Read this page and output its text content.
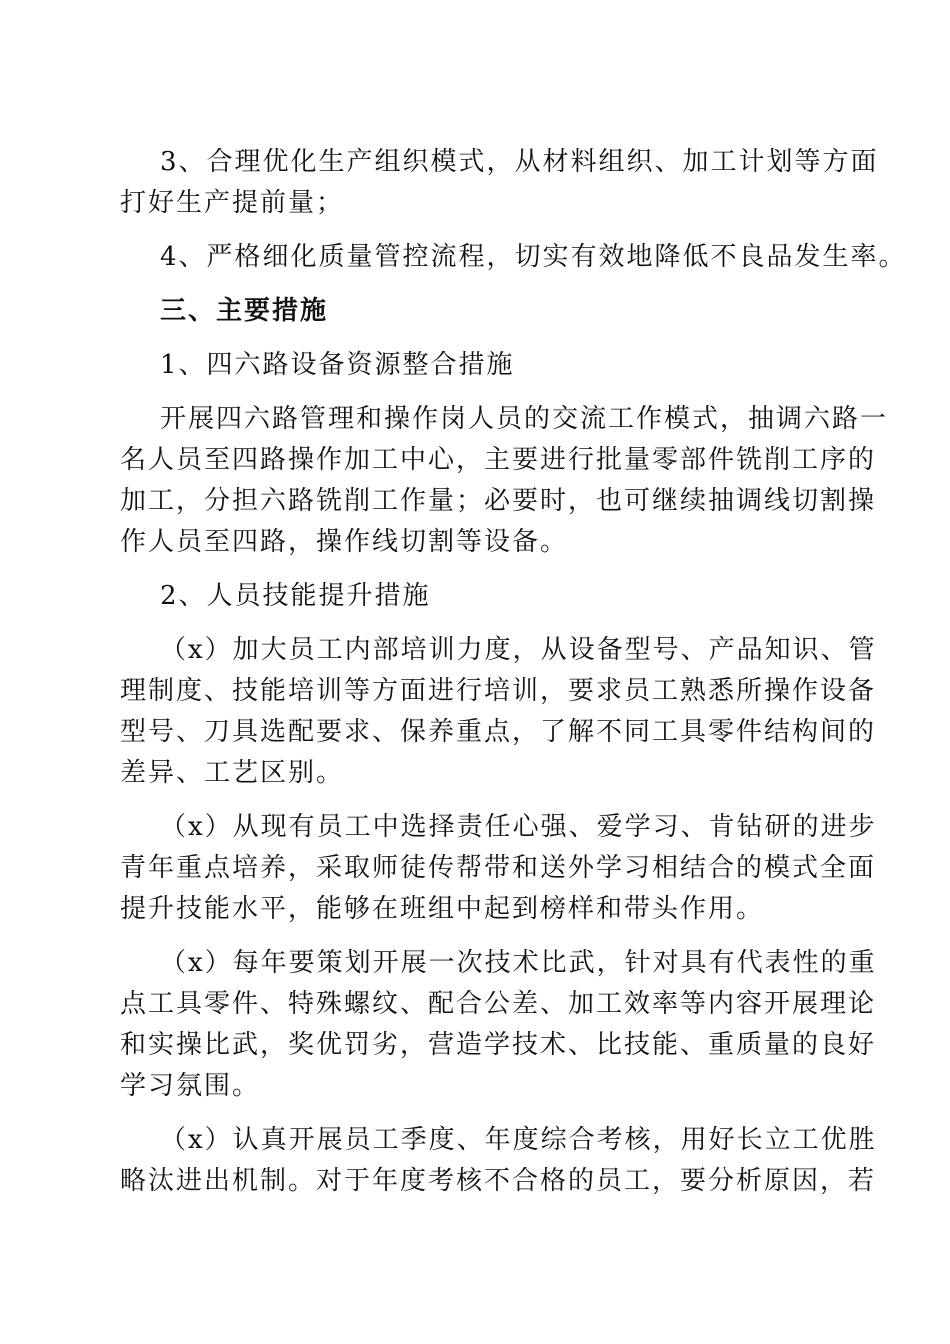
3、合理优化生产组织模式，从材料组织、加工计划等方面
打好生产提前量；
4、严格细化质量管控流程，切实有效地降低不良品发生率。
三、主要措施
1、四六路设备资源整合措施
开展四六路管理和操作岗人员的交流工作模式，抽调六路一
名人员至四路操作加工中心，主要进行批量零部件铣削工序的
加工，分担六路铣削工作量；必要时，也可继续抽调线切割操
作人员至四路，操作线切割等设备。
2、人员技能提升措施
（x）加大员工内部培训力度，从设备型号、产品知识、管
理制度、技能培训等方面进行培训，要求员工熟悉所操作设备
型号、刀具选配要求、保养重点，了解不同工具零件结构间的
差异、工艺区别。
（x）从现有员工中选择责任心强、爱学习、肯钻研的进步
青年重点培养，采取师徒传帮带和送外学习相结合的模式全面
提升技能水平，能够在班组中起到榜样和带头作用。
（x）每年要策划开展一次技术比武，针对具有代表性的重
点工具零件、特殊螺纹、配合公差、加工效率等内容开展理论
和实操比武，奖优罚劣，营造学技术、比技能、重质量的良好
学习氛围。
（x）认真开展员工季度、年度综合考核，用好长立工优胜
略汰进出机制。对于年度考核不合格的员工，要分析原因，若
